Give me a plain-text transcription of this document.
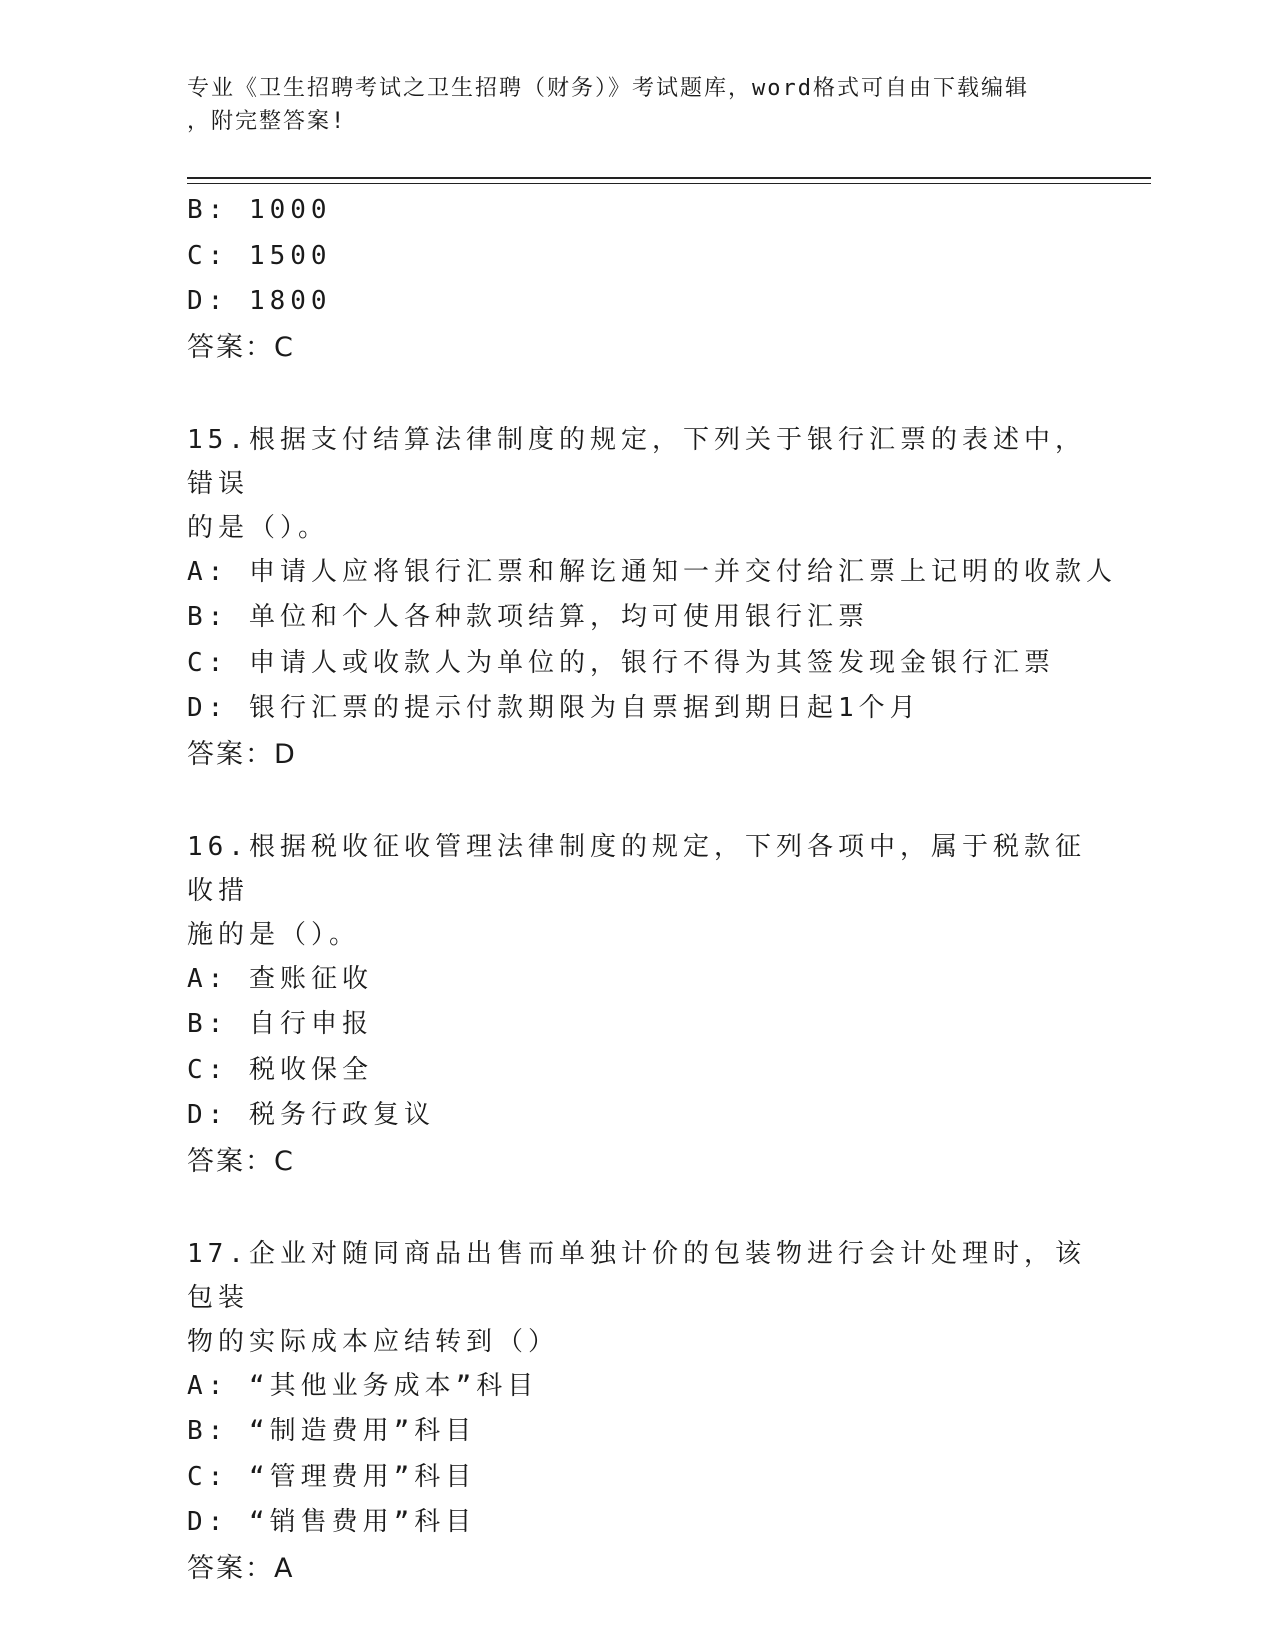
专业《卫生招聘考试之卫生招聘（财务）》考试题库，word格式可自由下载编辑
，附完整答案!
B: 1000
C: 1500
D: 1800
答案：C
15.根据支付结算法律制度的规定，下列关于银行汇票的表述中，错误
的是（）。
A: 申请人应将银行汇票和解讫通知一并交付给汇票上记明的收款人
B: 单位和个人各种款项结算，均可使用银行汇票
C: 申请人或收款人为单位的，银行不得为其签发现金银行汇票
D: 银行汇票的提示付款期限为自票据到期日起1个月
答案：D
16.根据税收征收管理法律制度的规定，下列各项中，属于税款征收措
施的是（）。
A: 查账征收
B: 自行申报
C: 税收保全
D: 税务行政复议
答案：C
17.企业对随同商品出售而单独计价的包装物进行会计处理时，该包装
物的实际成本应结转到（）
A: “其他业务成本”科目
B: “制造费用”科目
C: “管理费用”科目
D: “销售费用”科目
答案：A
